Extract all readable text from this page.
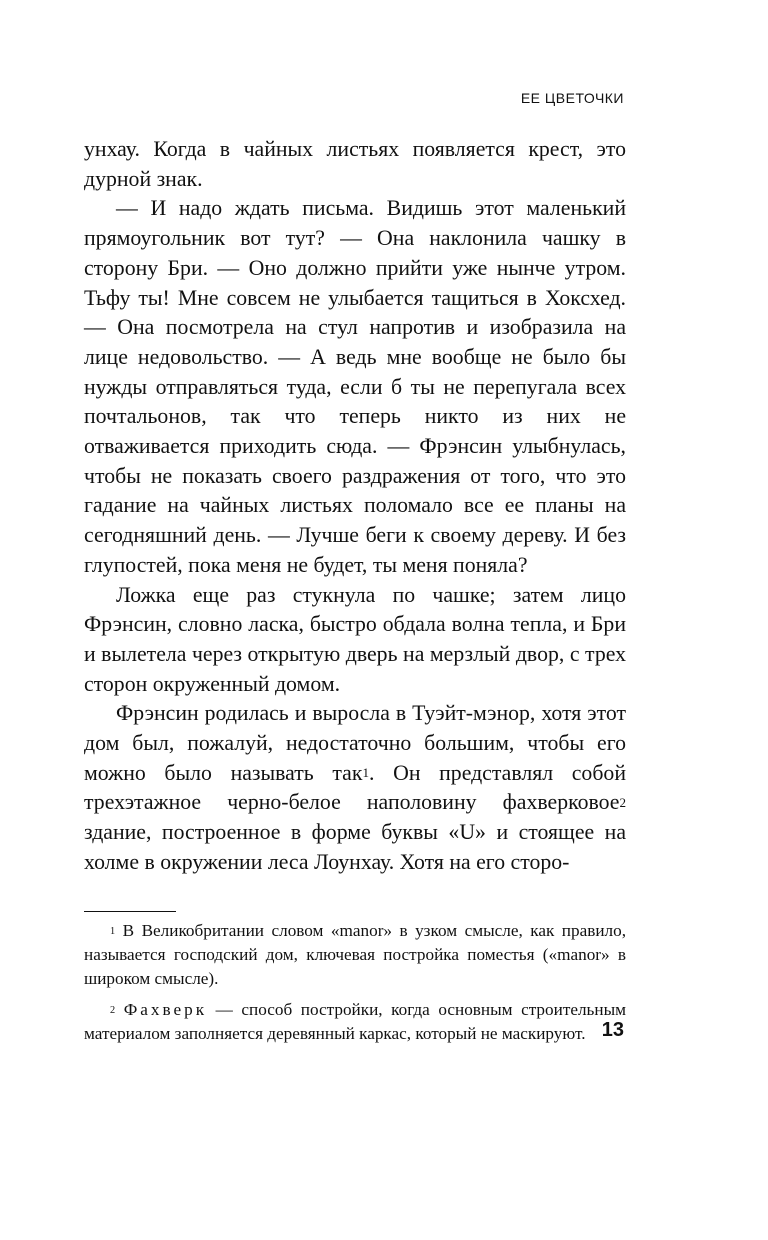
ЕЕ ЦВЕТОЧКИ

унхау. Когда в чайных листьях появляется крест, это дурной знак.

— И надо ждать письма. Видишь этот маленький прямоугольник вот тут? — Она наклонила чашку в сторону Бри. — Оно должно прийти уже нынче утром. Тьфу ты! Мне совсем не улыбается тащиться в Хоксхед. — Она посмотрела на стул напротив и изобразила на лице недовольство. — А ведь мне вообще не было бы нужды отправляться туда, если б ты не перепугала всех почтальонов, так что теперь никто из них не отваживается приходить сюда. — Фрэнсин улыбнулась, чтобы не показать своего раздражения от того, что это гадание на чайных листьях поломало все ее планы на сегодняшний день. — Лучше беги к своему дереву. И без глупостей, пока меня не будет, ты меня поняла?

Ложка еще раз стукнула по чашке; затем лицо Фрэнсин, словно ласка, быстро обдала волна тепла, и Бри и вылетела через открытую дверь на мерзлый двор, с трех сторон окруженный домом.

Фрэнсин родилась и выросла в Туэйт-мэнор, хотя этот дом был, пожалуй, недостаточно большим, чтобы его можно было называть так$^1$. Он представлял собой трехэтажное черно-белое наполовину фахверковое$^2$ здание, построенное в форме буквы «U» и стоящее на холме в окружении леса Лоунхау. Хотя на его сторо-

$^1$ В Великобритании словом «manor» в узком смысле, как правило, называется господский дом, ключевая постройка поместья («manor» в широком смысле).

$^2$ Фахверк — способ постройки, когда основным строительным материалом заполняется деревянный каркас, который не маскируют. 13
